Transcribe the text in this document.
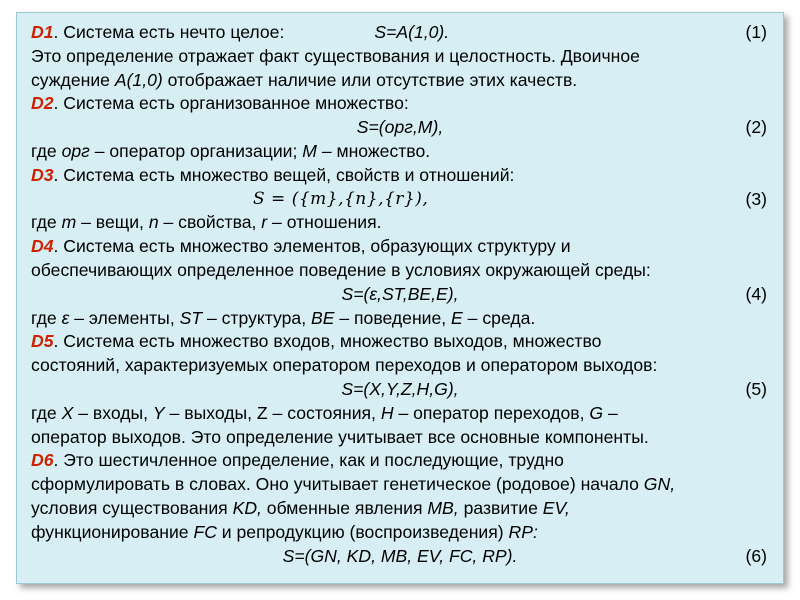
D1. Система есть нечто целое:	S=A(1,0).	(1)
Это определение отражает факт существования и целостность. Двоичное
суждение A(1,0) отображает наличие или отсутствие этих качеств.
D2. Система есть организованное множество:
S=(орг,M),	(2)
где орг – оператор организации; M – множество.
D3. Система есть множество вещей, свойств и отношений:
S = ({m},{n},{r}),	(3)
где m – вещи, n – свойства, r – отношения.
D4. Система есть множество элементов, образующих структуру и
обеспечивающих определенное поведение в условиях окружающей среды:
S=(ε,ST,BE,E),	(4)
где ε – элементы, ST – структура, BE – поведение, E – среда.
D5. Система есть множество входов, множество выходов, множество
состояний, характеризуемых оператором переходов и оператором выходов:
S=(X,Y,Z,H,G),	(5)
где X – входы, Y – выходы, Z – состояния, H – оператор переходов, G –
оператор выходов. Это определение учитывает все основные компоненты.
D6. Это шестичленное определение, как и последующие, трудно
сформулировать в словах. Оно учитывает генетическое (родовое) начало GN,
условия существования KD, обменные явления MB, развитие EV,
функционирование FC и репродукцию (воспроизведения) RP:
S=(GN, KD, MB, EV, FC, RP).	(6)
